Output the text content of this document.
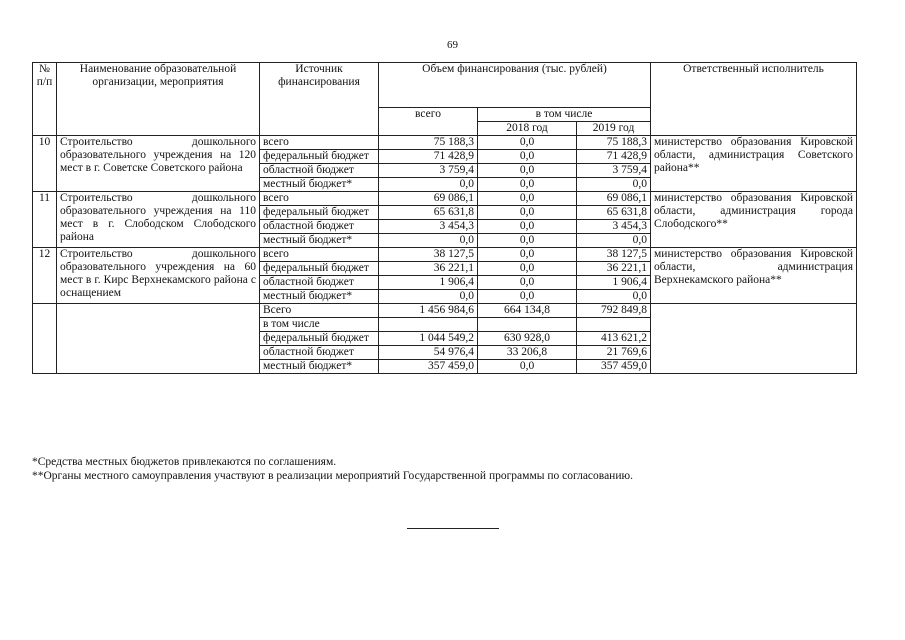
69
№
п/п	Наименование образовательной организации, мероприятия	Источник финансирования	Объем финансирования (тыс. рублей)			Ответственный исполнитель
			всего	в том числе		
				2018 год	2019 год	
10	Строительство дошкольного образовательного учреждения на 120 мест в г. Советске Советского района	всего	75 188,3	0,0	75 188,3	министерство образования Кировской области, администрация Советского района**
		федеральный бюджет	71 428,9	0,0	71 428,9	
		областной бюджет	3 759,4	0,0	3 759,4	
		местный бюджет*	0,0	0,0	0,0	
11	Строительство дошкольного образовательного учреждения на 110 мест в г. Слободском Слободского района	всего	69 086,1	0,0	69 086,1	министерство образования Кировской области, администрация города Слободского**
		федеральный бюджет	65 631,8	0,0	65 631,8	
		областной бюджет	3 454,3	0,0	3 454,3	
		местный бюджет*	0,0	0,0	0,0	
12	Строительство дошкольного образовательного учреждения на 60 мест в г. Кирс Верхнекамского района с оснащением	всего	38 127,5	0,0	38 127,5	министерство образования Кировской области, администрация Верхнекамского района**
		федеральный бюджет	36 221,1	0,0	36 221,1	
		областной бюджет	1 906,4	0,0	1 906,4	
		местный бюджет*	0,0	0,0	0,0	
		Всего	1 456 984,6	664 134,8	792 849,8	
		в том числе				
		федеральный бюджет	1 044 549,2	630 928,0	413 621,2	
		областной бюджет	54 976,4	33 206,8	21 769,6	
		местный бюджет*	357 459,0	0,0	357 459,0	
*Средства местных бюджетов привлекаются по соглашениям.
**Органы местного самоуправления участвуют в реализации мероприятий Государственной программы по согласованию.
